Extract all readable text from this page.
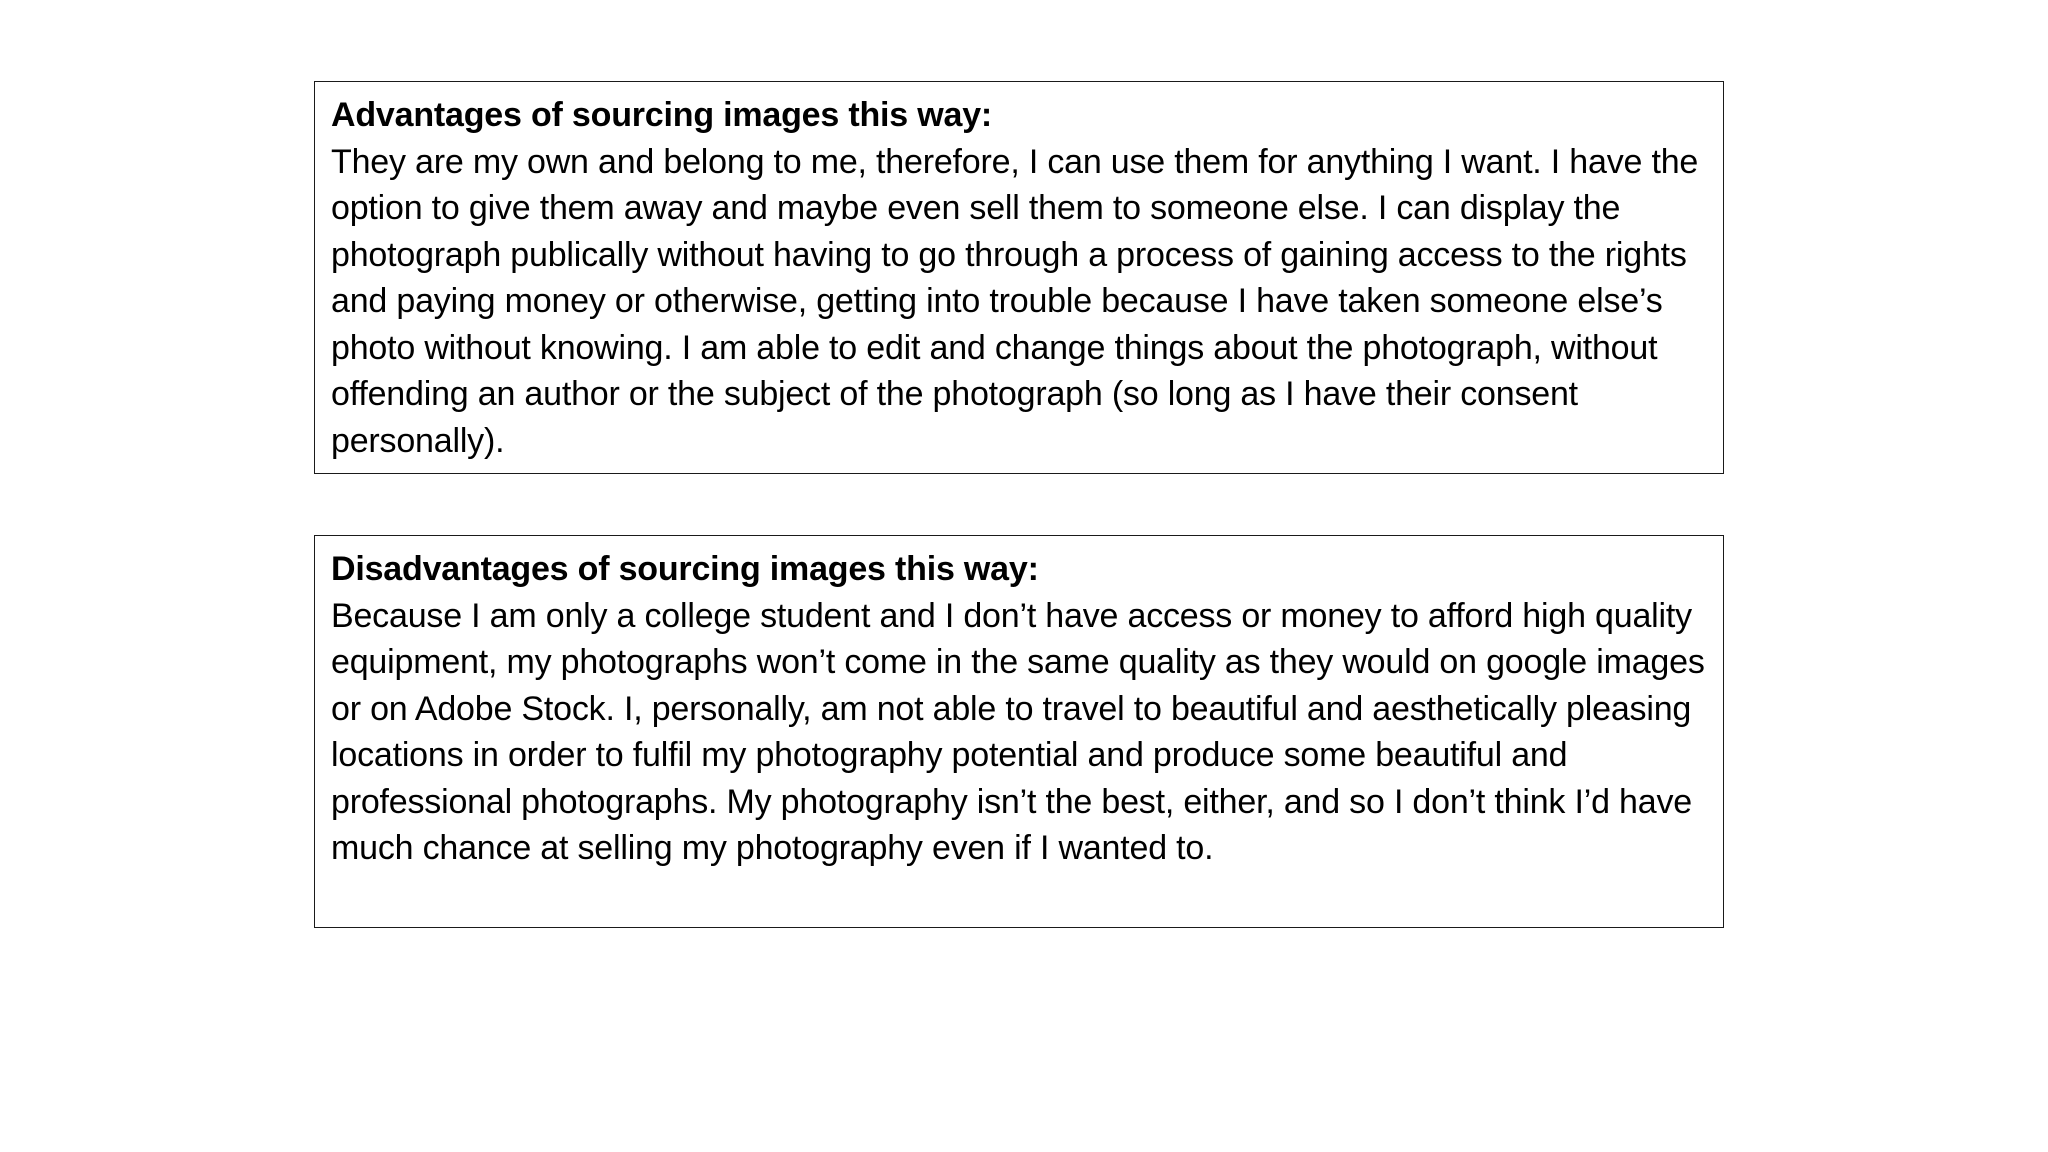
Advantages of sourcing images this way:
They are my own and belong to me, therefore, I can use them for anything I want. I have the option to give them away and maybe even sell them to someone else. I can display the photograph publically without having to go through a process of gaining access to the rights and paying money or otherwise, getting into trouble because I have taken someone else’s photo without knowing. I am able to edit and change things about the photograph, without offending an author or the subject of the photograph (so long as I have their consent personally).
Disadvantages of sourcing images this way:
Because I am only a college student and I don’t have access or money to afford high quality equipment, my photographs won’t come in the same quality as they would on google images or on Adobe Stock. I, personally, am not able to travel to beautiful and aesthetically pleasing locations in order to fulfil my photography potential and produce some beautiful and professional photographs. My photography isn’t the best, either, and so I don’t think I’d have much chance at selling my photography even if I wanted to.
